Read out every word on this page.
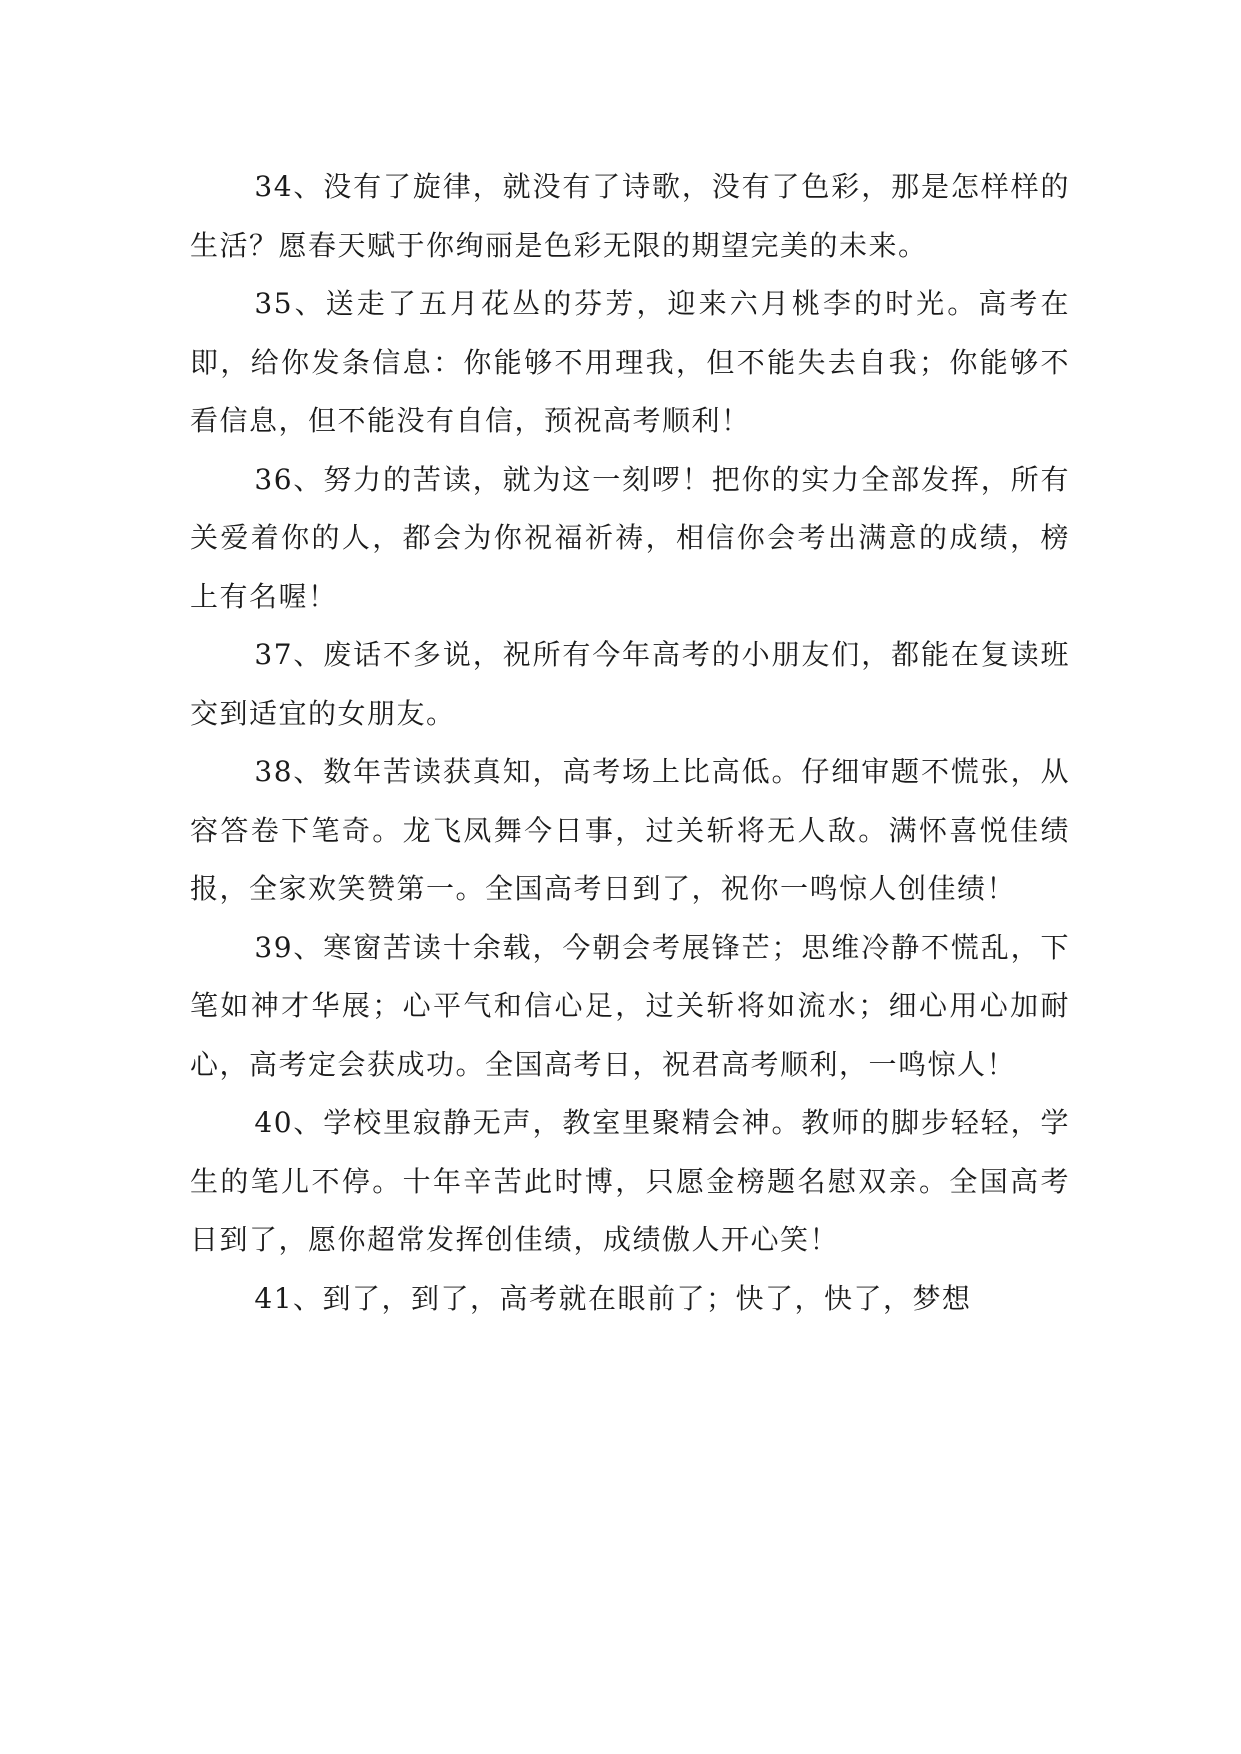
34、没有了旋律，就没有了诗歌，没有了色彩，那是怎样样的生活？愿春天赋于你绚丽是色彩无限的期望完美的未来。

35、送走了五月花丛的芬芳，迎来六月桃李的时光。高考在即，给你发条信息：你能够不用理我，但不能失去自我；你能够不看信息，但不能没有自信，预祝高考顺利！

36、努力的苦读，就为这一刻啰！把你的实力全部发挥，所有关爱着你的人，都会为你祝福祈祷，相信你会考出满意的成绩，榜上有名喔！

37、废话不多说，祝所有今年高考的小朋友们，都能在复读班交到适宜的女朋友。

38、数年苦读获真知，高考场上比高低。仔细审题不慌张，从容答卷下笔奇。龙飞凤舞今日事，过关斩将无人敌。满怀喜悦佳绩报，全家欢笑赞第一。全国高考日到了，祝你一鸣惊人创佳绩！

39、寒窗苦读十余载，今朝会考展锋芒；思维冷静不慌乱，下笔如神才华展；心平气和信心足，过关斩将如流水；细心用心加耐心，高考定会获成功。全国高考日，祝君高考顺利，一鸣惊人！

40、学校里寂静无声，教室里聚精会神。教师的脚步轻轻，学生的笔儿不停。十年辛苦此时博，只愿金榜题名慰双亲。全国高考日到了，愿你超常发挥创佳绩，成绩傲人开心笑！

41、到了，到了，高考就在眼前了；快了，快了，梦想
